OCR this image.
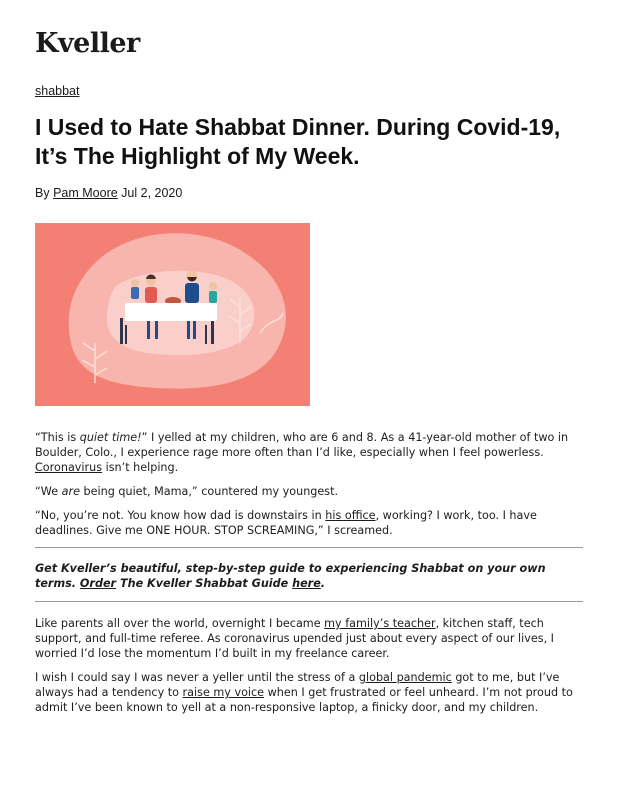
Kveller
shabbat
I Used to Hate Shabbat Dinner. During Covid-19, It’s The Highlight of My Week.
By Pam Moore Jul 2, 2020

“This is quiet time!” I yelled at my children, who are 6 and 8. As a 41-year-old mother of two in Boulder, Colo., I experience rage more often than I’d like, especially when I feel powerless. Coronavirus isn’t helping.

“We are being quiet, Mama,” countered my youngest.

“No, you’re not. You know how dad is downstairs in his office, working? I work, too. I have deadlines. Give me ONE HOUR. STOP SCREAMING,” I screamed.

Get Kveller’s beautiful, step-by-step guide to experiencing Shabbat on your own terms. Order The Kveller Shabbat Guide here.

Like parents all over the world, overnight I became my family’s teacher, kitchen staff, tech support, and full-time referee. As coronavirus upended just about every aspect of our lives, I worried I’d lose the momentum I’d built in my freelance career.

I wish I could say I was never a yeller until the stress of a global pandemic got to me, but I’ve always had a tendency to raise my voice when I get frustrated or feel unheard. I’m not proud to admit I’ve been known to yell at a non-responsive laptop, a finicky door, and my children.
